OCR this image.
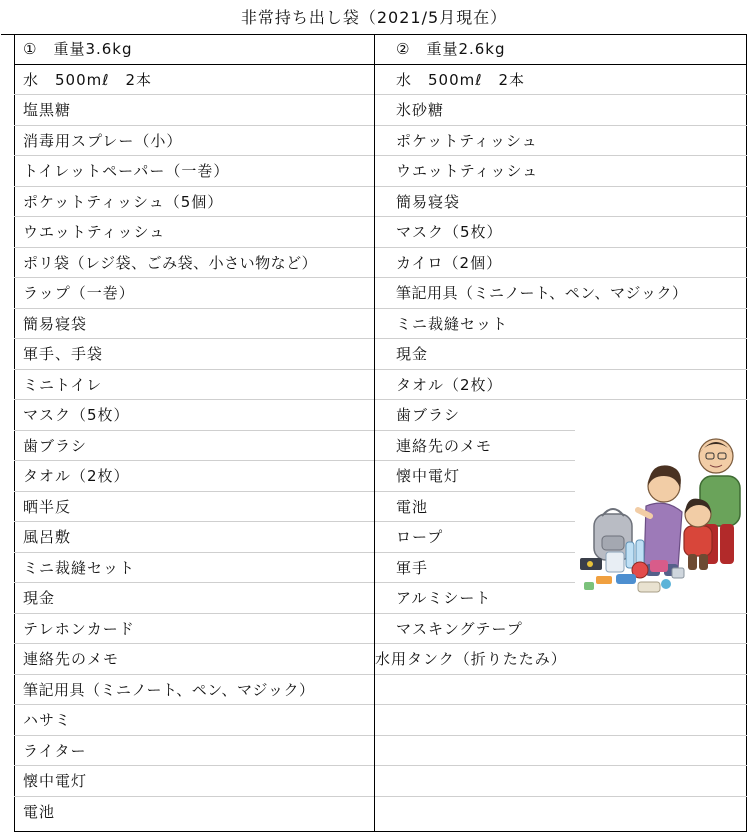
非常持ち出し袋（2021/5月現在）
①　重量3.6kg
水　500mℓ　2本
塩黒糖
消毒用スプレー（小）
トイレットペーパー（一巻）
ポケットティッシュ（5個）
ウエットティッシュ
ポリ袋（レジ袋、ごみ袋、小さい物など）
ラップ（一巻）
簡易寝袋
軍手、手袋
ミニトイレ
マスク（5枚）
歯ブラシ
タオル（2枚）
晒半反
風呂敷
ミニ裁縫セット
現金
テレホンカード
連絡先のメモ
筆記用具（ミニノート、ペン、マジック）
ハサミ
ライター
懐中電灯
電池
②　重量2.6kg
水　500mℓ　2本
氷砂糖
ポケットティッシュ
ウエットティッシュ
簡易寝袋
マスク（5枚）
カイロ（2個）
筆記用具（ミニノート、ペン、マジック）
ミニ裁縫セット
現金
タオル（2枚）
歯ブラシ
連絡先のメモ
懐中電灯
電池
ロープ
軍手
アルミシート
マスキングテープ
水用タンク（折りたたみ）
